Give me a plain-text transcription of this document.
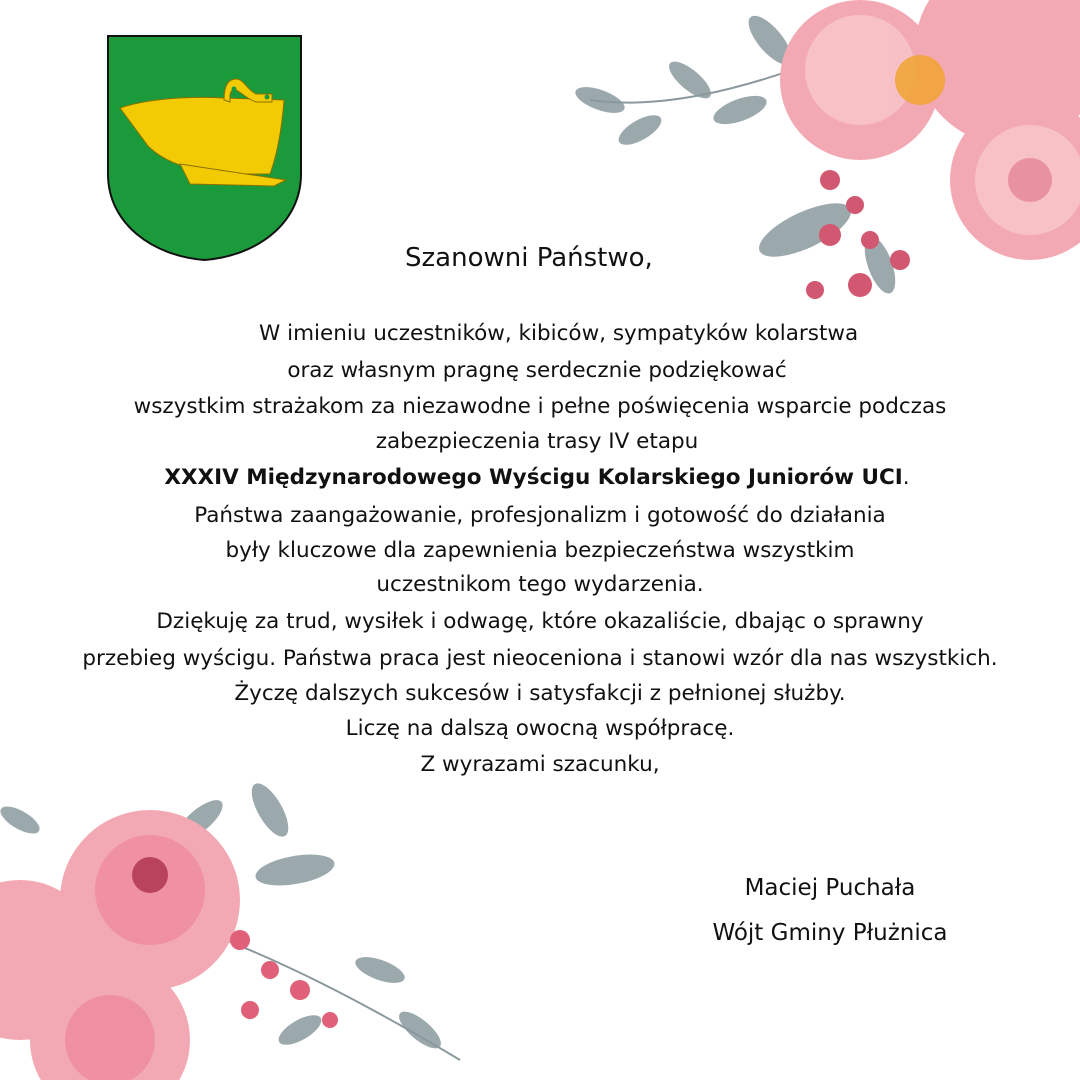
Szanowni Państwo,
W imieniu uczestników, kibiców, sympatyków kolarstwa
oraz własnym pragnę serdecznie podziękować
wszystkim strażakom za niezawodne i pełne poświęcenia wsparcie podczas
zabezpieczenia trasy IV etapu
XXXIV Międzynarodowego Wyścigu Kolarskiego Juniorów UCI.
Państwa zaangażowanie, profesjonalizm i gotowość do działania
były kluczowe dla zapewnienia bezpieczeństwa wszystkim
uczestnikom tego wydarzenia.
Dziękuję za trud, wysiłek i odwagę, które okazaliście, dbając o sprawny
przebieg wyścigu. Państwa praca jest nieoceniona i stanowi wzór dla nas wszystkich.
Życzę dalszych sukcesów i satysfakcji z pełnionej służby.
Liczę na dalszą owocną współpracę.
Z wyrazami szacunku,
Maciej Puchała
Wójt Gminy Płużnica
